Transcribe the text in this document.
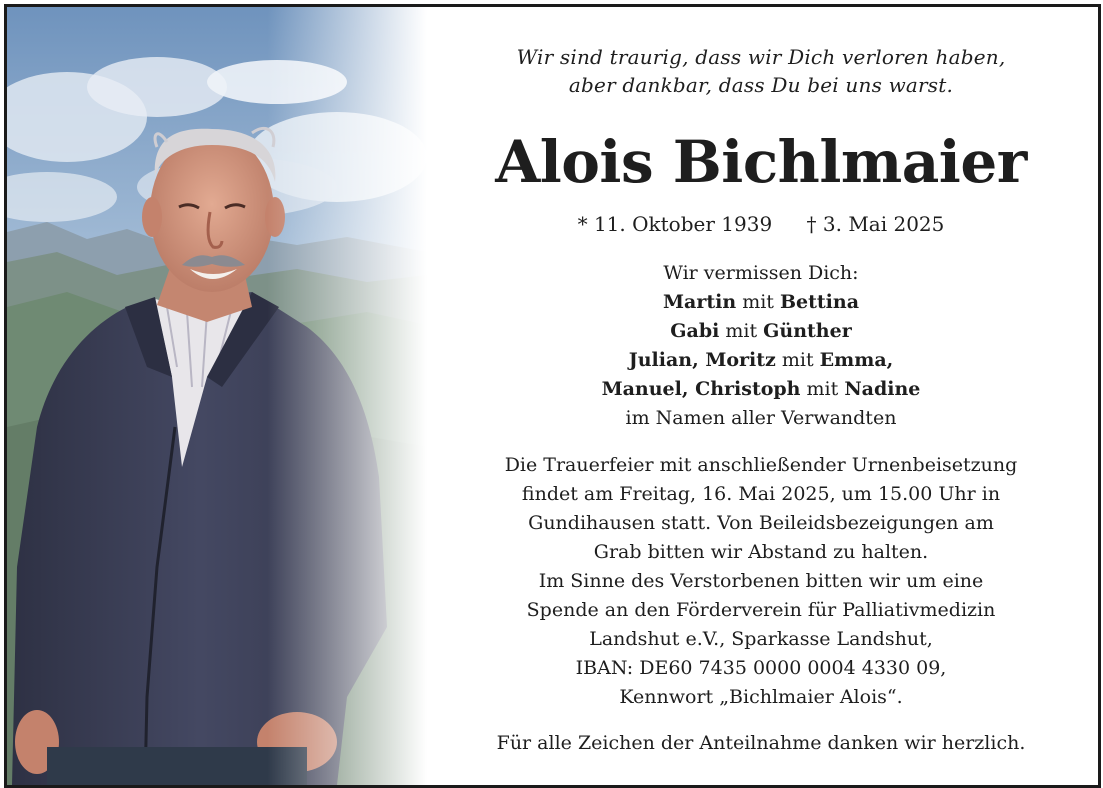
Wir sind traurig, dass wir Dich verloren haben,
aber dankbar, dass Du bei uns warst.
Alois Bichlmaier
* 11. Oktober 1939 † 3. Mai 2025
Wir vermissen Dich:
Martin mit Bettina
Gabi mit Günther
Julian, Moritz mit Emma,
Manuel, Christoph mit Nadine
im Namen aller Verwandten
Die Trauerfeier mit anschließender Urnenbeisetzung
findet am Freitag, 16. Mai 2025, um 15.00 Uhr in
Gundihausen statt. Von Beileidsbezeigungen am
Grab bitten wir Abstand zu halten.
Im Sinne des Verstorbenen bitten wir um eine
Spende an den Förderverein für Palliativmedizin
Landshut e.V., Sparkasse Landshut,
IBAN: DE60 7435 0000 0004 4330 09,
Kennwort „Bichlmaier Alois“.
Für alle Zeichen der Anteilnahme danken wir herzlich.
